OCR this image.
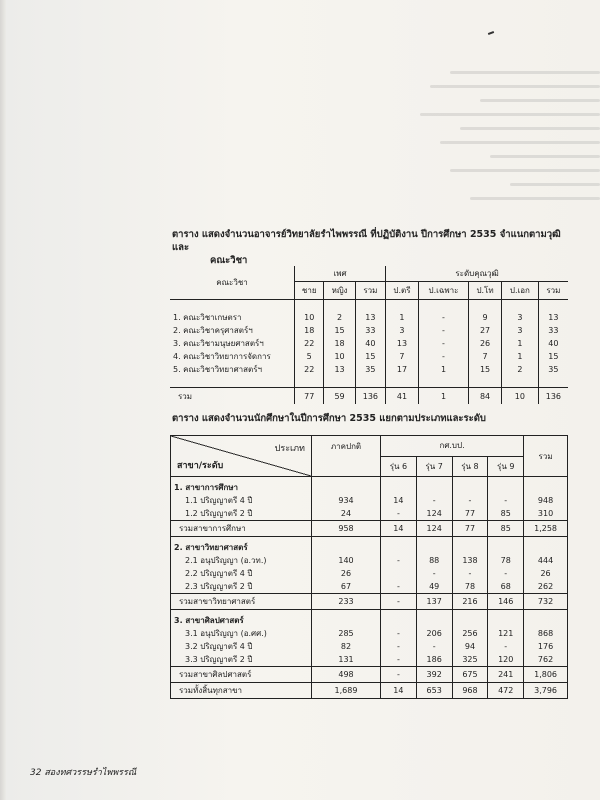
ตาราง แสดงจำนวนอาจารย์วิทยาลัยรำไพพรรณี ที่ปฏิบัติงาน ปีการศึกษา 2535 จำแนกตามวุฒิและ
คณะวิชา
คณะวิชา	เพศ			ระดับคุณวุฒิ				
	ชาย	หญิง	รวม	ป.ตรี	ป.เฉพาะ	ป.โท	ป.เอก	รวม

1. คณะวิชาเกษตรา	10	2	13	1	-	9	3	13
2. คณะวิชาครุศาสตร์ฯ	18	15	33	3	-	27	3	33
3. คณะวิชามนุษยศาสตร์ฯ	22	18	40	13	-	26	1	40
4. คณะวิชาวิทยาการจัดการ	5	10	15	7	-	7	1	15
5. คณะวิชาวิทยาศาสตร์ฯ	22	13	35	17	1	15	2	35

รวม	77	59	136	41	1	84	10	136
ตาราง แสดงจำนวนนักศึกษาในปีการศึกษา 2535 แยกตามประเภทและระดับ
ประเภท
สาขา/ระดับ	ภาคปกติ	กศ.บป.				รวม
		รุ่น 6	รุ่น 7	รุ่น 8	รุ่น 9	
1. สาขาการศึกษา						
1.1 ปริญญาตรี 4 ปี	934	14	-	-	-	948
1.2 ปริญญาตรี 2 ปี	24	-	124	77	85	310
รวมสาขาการศึกษา	958	14	124	77	85	1,258
2. สาขาวิทยาศาสตร์						
2.1 อนุปริญญา (อ.วท.)	140	-	88	138	78	444
2.2 ปริญญาตรี 4 ปี	26		-	-	-	26
2.3 ปริญญาตรี 2 ปี	67	-	49	78	68	262
รวมสาขาวิทยาศาสตร์	233	-	137	216	146	732
3. สาขาศิลปศาสตร์						
3.1 อนุปริญญา (อ.ศศ.)	285	-	206	256	121	868
3.2 ปริญญาตรี 4 ปี	82	-	-	94	-	176
3.3 ปริญญาตรี 2 ปี	131	-	186	325	120	762
รวมสาขาศิลปศาสตร์	498	-	392	675	241	1,806
รวมทั้งสิ้นทุกสาขา	1,689	14	653	968	472	3,796
32 สองทศวรรษรำไพพรรณี
